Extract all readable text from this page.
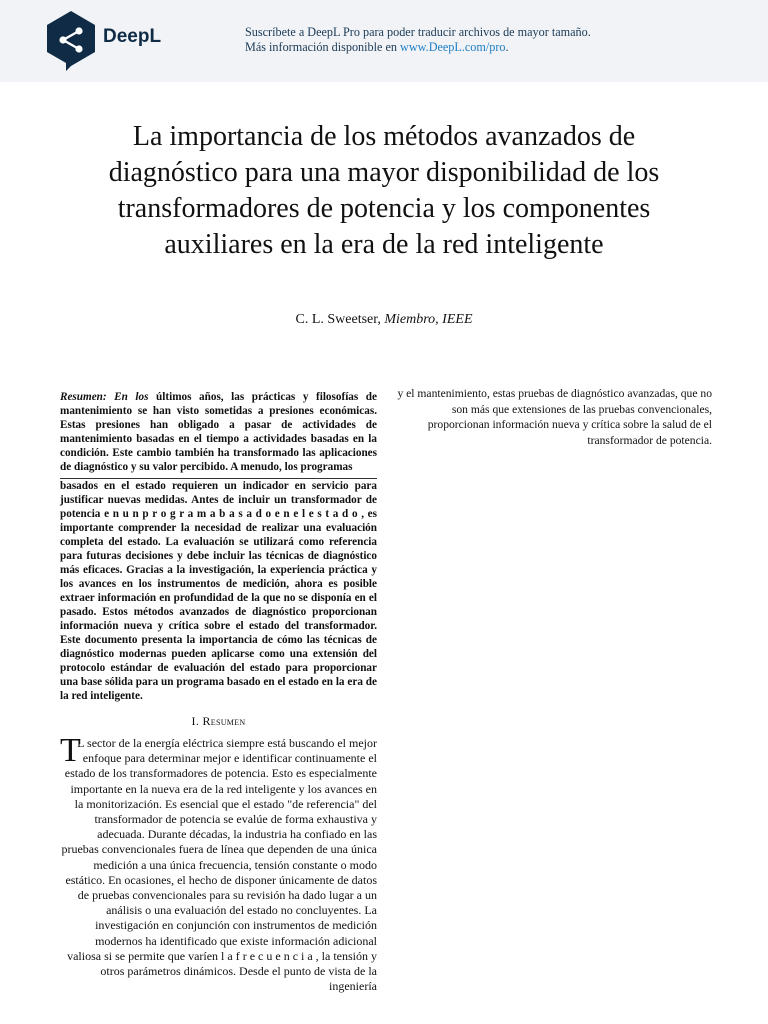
DeepL	Suscríbete a DeepL Pro para poder traducir archivos de mayor tamaño.
Más información disponible en www.DeepL.com/pro.
La importancia de los métodos avanzados de diagnóstico para una mayor disponibilidad de los transformadores de potencia y los componentes auxiliares en la era de la red inteligente
C. L. Sweetser, Miembro, IEEE
Resumen: En los últimos años, las prácticas y filosofías de mantenimiento se han visto sometidas a presiones económicas. Estas presiones han obligado a pasar de actividades de mantenimiento basadas en el tiempo a actividades basadas en la condición. Este cambio también ha transformado las aplicaciones de diagnóstico y su valor percibido. A menudo, los programas
basados en el estado requieren un indicador en servicio para justificar nuevas medidas. Antes de incluir un transformador de potencia e n u n p r o g r a m a b a s a d o e n e l e s t a d o , es importante comprender la necesidad de realizar una evaluación completa del estado. La evaluación se utilizará como referencia para futuras decisiones y debe incluir las técnicas de diagnóstico más eficaces. Gracias a la investigación, la experiencia práctica y los avances en los instrumentos de medición, ahora es posible extraer información en profundidad de la que no se disponía en el pasado. Estos métodos avanzados de diagnóstico proporcionan información nueva y crítica sobre el estado del transformador. Este documento presenta la importancia de cómo las técnicas de diagnóstico modernas pueden aplicarse como una extensión del protocolo estándar de evaluación del estado para proporcionar una base sólida para un programa basado en el estado en la era de la red inteligente.
y el mantenimiento, estas pruebas de diagnóstico avanzadas, que no son más que extensiones de las pruebas convencionales, proporcionan información nueva y crítica sobre la salud de el transformador de potencia.
I. Resumen
T
L sector de la energía eléctrica siempre está buscando el mejor enfoque para determinar mejor e identificar continuamente el estado de los transformadores de potencia. Esto es especialmente importante en la nueva era de la red inteligente y los avances en la monitorización. Es esencial que el estado "de referencia" del transformador de potencia se evalúe de forma exhaustiva y adecuada. Durante décadas, la industria ha confiado en las pruebas convencionales fuera de línea que dependen de una única medición a una única frecuencia, tensión constante o modo estático. En ocasiones, el hecho de disponer únicamente de datos de pruebas convencionales para su revisión ha dado lugar a un análisis o una evaluación del estado no concluyentes. La investigación en conjunción con instrumentos de medición modernos ha identificado que existe información adicional valiosa si se permite que varíen l a f r e c u e n c i a , la tensión y otros parámetros dinámicos. Desde el punto de vista de la ingeniería
